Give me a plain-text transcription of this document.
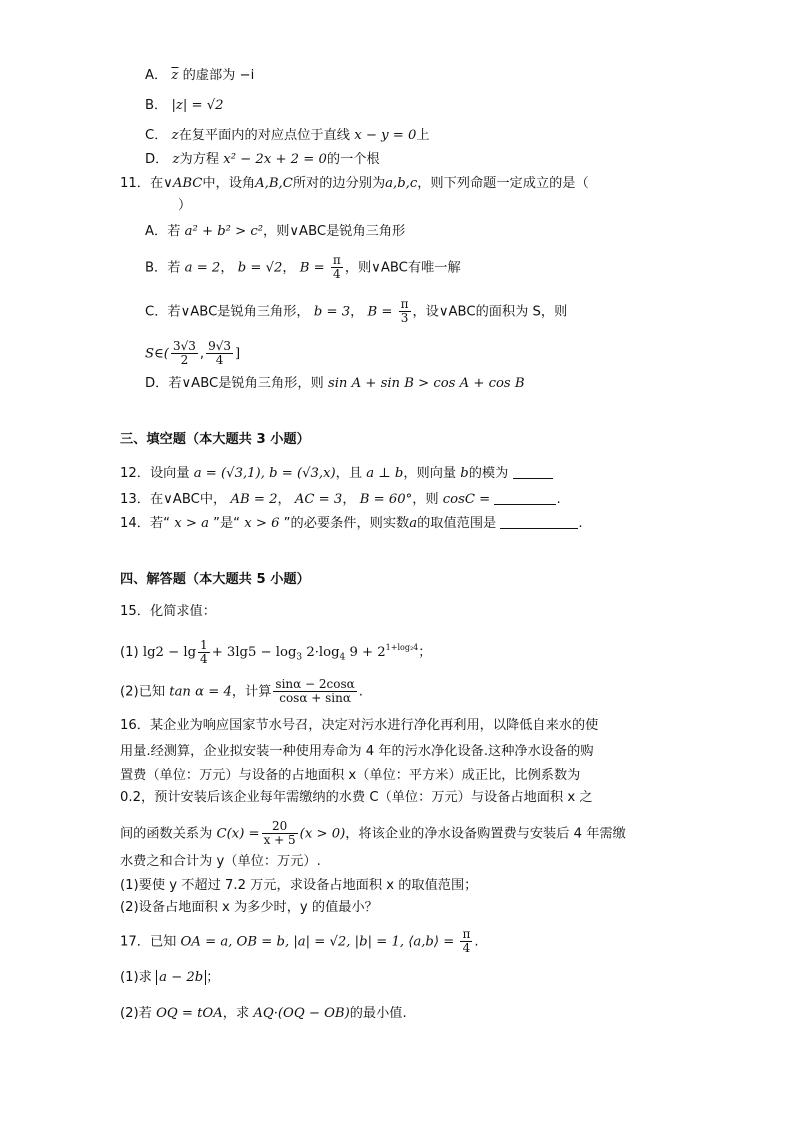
A． $\overline{z}$ 的虚部为 −i
B． |z| = √2
C． z在复平面内的对应点位于直线 x − y = 0上
D． z为方程 x² − 2x + 2 = 0的一个根
11．在∨ABC中，设角A,B,C所对的边分别为a,b,c，则下列命题一定成立的是（
）
A．若 a² + b² > c²，则∨ABC是锐角三角形
B．若 a = 2， b = √2， $B = \frac{\pi}{4}$ ，则∨ABC有唯一解
C．若∨ABC是锐角三角形， b = 3， $B = \frac{\pi}{3}$ ，设∨ABC的面积为 S，则
S∈( $\frac{3√3}{2}$ , $\frac{9√3}{4}$ ]
D．若∨ABC是锐角三角形，则 sin A + sin B > cos A + cos B
三、填空题（本大题共 3 小题）
12．设向量 a = (√3,1), b = (√3,x)，且 a ⊥ b，则向量 b的模为
13．在∨ABC中， AB = 2， AC = 3， B = 60°，则 cosC =	.
14．若“ x > a ”是“ x > 6 ”的必要条件，则实数a的取值范围是	.
四、解答题（本大题共 5 小题）
15．化简求值：
(1) $\lg 2 - \lg \frac{1}{4} + 3\lg 5 - \log_3 2\cdot\log_4$ $9 + 2^{1+log_24}$；
(2)已知 tan α = 4，计算 $\frac{\sin\alpha - 2\cos\alpha}{\cos\alpha + \sin\alpha}$ .
16．某企业为响应国家节水号召，决定对污水进行净化再利用，以降低自来水的使
用量.经测算，企业拟安装一种使用寿命为 4 年的污水净化设备.这种净水设备的购
置费（单位：万元）与设备的占地面积 x（单位：平方米）成正比，比例系数为
0.2，预计安装后该企业每年需缴纳的水费 C（单位：万元）与设备占地面积 x 之
间的函数关系为 $C(x) = \frac{20}{x + 5} (x > 0)$，将该企业的净水设备购置费与安装后 4 年需缴
水费之和合计为 y（单位：万元）.
(1)要使 y 不超过 7.2 万元，求设备占地面积 x 的取值范围；
(2)设备占地面积 x 为多少时，y 的值最小？
17．已知 OA = a, OB = b, |a| = √2, |b| = 1, ⟨a,b⟩ = $\frac{\pi}{4}$ .
(1)求 a − 2b ；
(2)若 OQ = tOA，求 AQ·(OQ − OB)的最小值.
